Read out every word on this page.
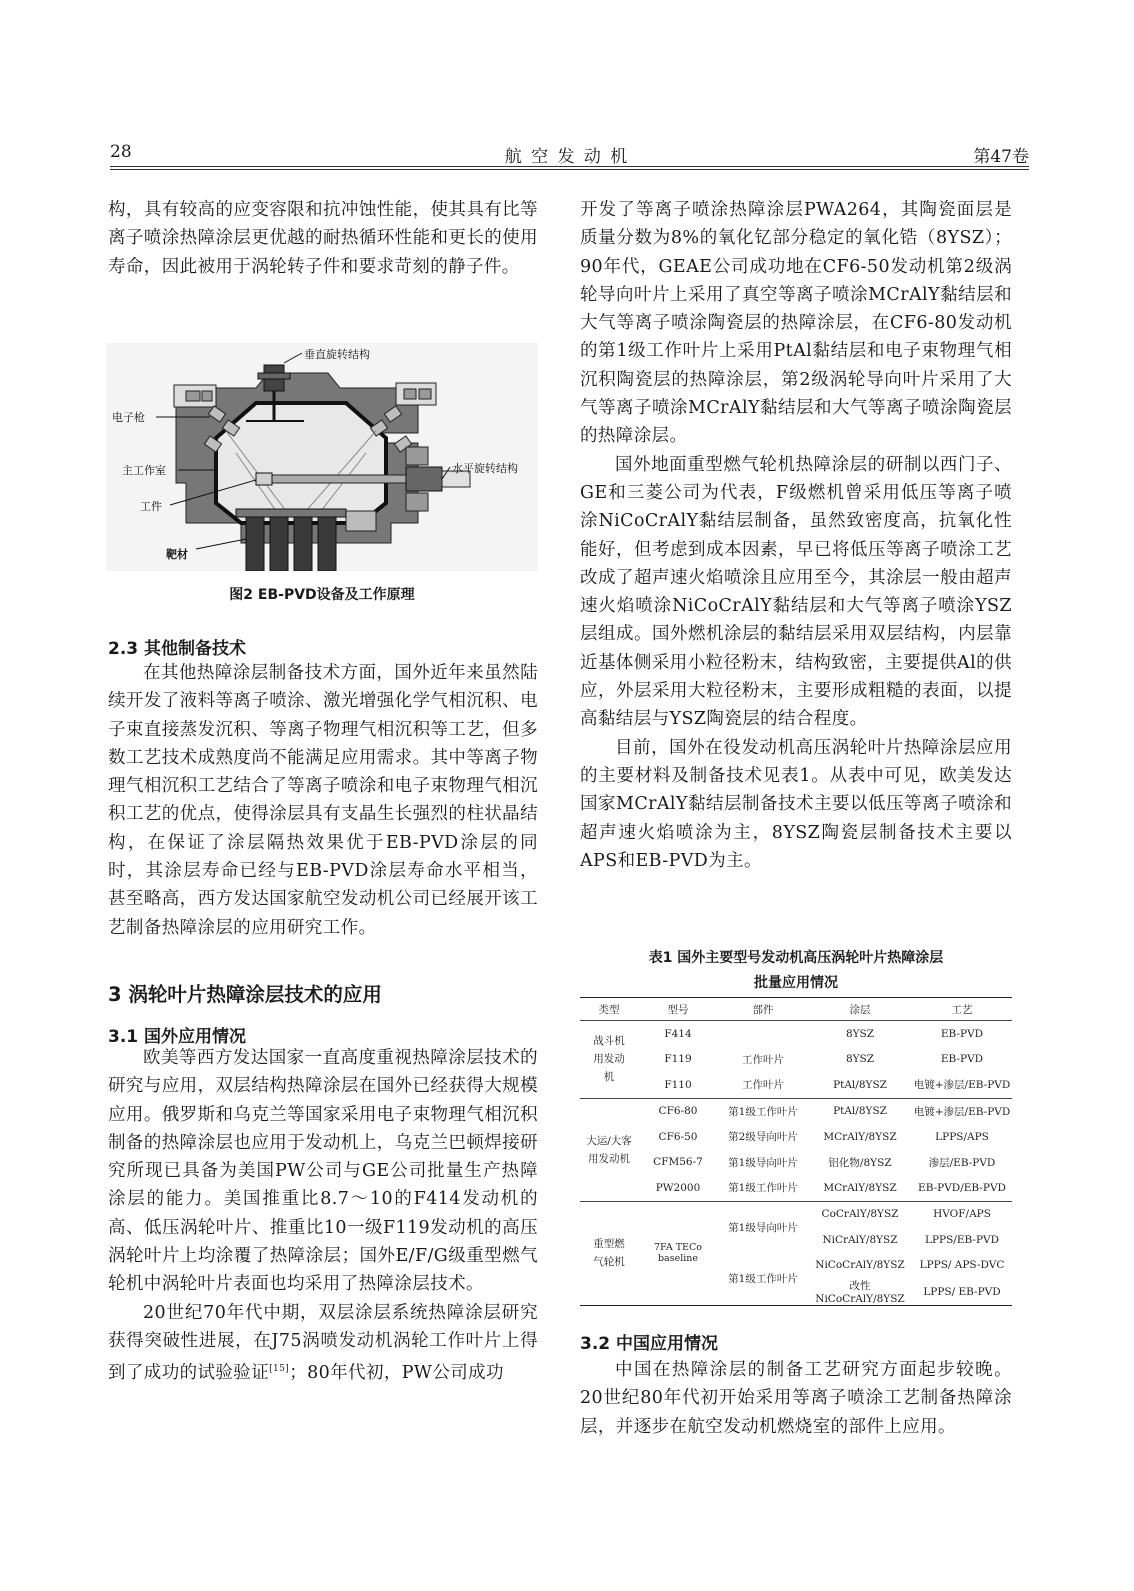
28	航 空 发 动 机	第47卷

构，具有较高的应变容限和抗冲蚀性能，使其具有比等离子喷涂热障涂层更优越的耐热循环性能和更长的使用寿命，因此被用于涡轮转子件和要求苛刻的静子件。

垂直旋转结构
电子枪
主工作室	水平旋转结构
工件
靶材
图2 EB-PVD设备及工作原理
2.3 其他制备技术

在其他热障涂层制备技术方面，国外近年来虽然陆续开发了液料等离子喷涂、激光增强化学气相沉积、电子束直接蒸发沉积、等离子物理气相沉积等工艺，但多数工艺技术成熟度尚不能满足应用需求。其中等离子物理气相沉积工艺结合了等离子喷涂和电子束物理气相沉积工艺的优点，使得涂层具有支晶生长强烈的柱状晶结构，在保证了涂层隔热效果优于EB-PVD涂层的同时，其涂层寿命已经与EB-PVD涂层寿命水平相当，甚至略高，西方发达国家航空发动机公司已经展开该工艺制备热障涂层的应用研究工作。

3 涡轮叶片热障涂层技术的应用
3.1 国外应用情况

欧美等西方发达国家一直高度重视热障涂层技术的研究与应用，双层结构热障涂层在国外已经获得大规模应用。俄罗斯和乌克兰等国家采用电子束物理气相沉积制备的热障涂层也应用于发动机上，乌克兰巴顿焊接研究所现已具备为美国PW公司与GE公司批量生产热障涂层的能力。美国推重比8.7～10的F414发动机的高、低压涡轮叶片、推重比10一级F119发动机的高压涡轮叶片上均涂覆了热障涂层；国外E/F/G级重型燃气轮机中涡轮叶片表面也均采用了热障涂层技术。

20世纪70年代中期，双层涂层系统热障涂层研究获得突破性进展，在J75涡喷发动机涡轮工作叶片上得到了成功的试验验证[15]；80年代初，PW公司成功

开发了等离子喷涂热障涂层PWA264，其陶瓷面层是质量分数为8%的氧化钇部分稳定的氧化锆（8YSZ）；90年代，GEAE公司成功地在CF6-50发动机第2级涡轮导向叶片上采用了真空等离子喷涂MCrAlY黏结层和大气等离子喷涂陶瓷层的热障涂层，在CF6-80发动机的第1级工作叶片上采用PtAl黏结层和电子束物理气相沉积陶瓷层的热障涂层，第2级涡轮导向叶片采用了大气等离子喷涂MCrAlY黏结层和大气等离子喷涂陶瓷层的热障涂层。

国外地面重型燃气轮机热障涂层的研制以西门子、GE和三菱公司为代表，F级燃机曾采用低压等离子喷涂NiCoCrAlY黏结层制备，虽然致密度高，抗氧化性能好，但考虑到成本因素，早已将低压等离子喷涂工艺改成了超声速火焰喷涂且应用至今，其涂层一般由超声速火焰喷涂NiCoCrAlY黏结层和大气等离子喷涂YSZ层组成。国外燃机涂层的黏结层采用双层结构，内层靠近基体侧采用小粒径粉末，结构致密，主要提供Al的供应，外层采用大粒径粉末，主要形成粗糙的表面，以提高黏结层与YSZ陶瓷层的结合程度。

目前，国外在役发动机高压涡轮叶片热障涂层应用的主要材料及制备技术见表1。从表中可见，欧美发达国家MCrAlY黏结层制备技术主要以低压等离子喷涂和超声速火焰喷涂为主，8YSZ陶瓷层制备技术主要以APS和EB-PVD为主。

表1 国外主要型号发动机高压涡轮叶片热障涂层
批量应用情况
类型	型号	部件	涂层	工艺
战斗机用发动机	F414		8YSZ	EB-PVD
	F119	工作叶片	8YSZ	EB-PVD
	F110	工作叶片	PtAl/8YSZ	电镀+渗层/EB-PVD
大运/大客用发动机	CF6-80	第1级工作叶片	PtAl/8YSZ	电镀+渗层/EB-PVD
	CF6-50	第2级导向叶片	MCrAlY/8YSZ	LPPS/APS
	CFM56-7	第1级导向叶片	铝化物/8YSZ	渗层/EB-PVD
	PW2000	第1级工作叶片	MCrAlY/8YSZ	EB-PVD/EB-PVD
重型燃气轮机	7FA TECo baseline	第1级导向叶片	CoCrAlY/8YSZ	HVOF/APS
			NiCrAlY/8YSZ	LPPS/EB-PVD
		第1级工作叶片	NiCoCrAlY/8YSZ	LPPS/ APS-DVC
			改性NiCoCrAlY/8YSZ	LPPS/ EB-PVD
3.2 中国应用情况

中国在热障涂层的制备工艺研究方面起步较晚。20世纪80年代初开始采用等离子喷涂工艺制备热障涂层，并逐步在航空发动机燃烧室的部件上应用。
